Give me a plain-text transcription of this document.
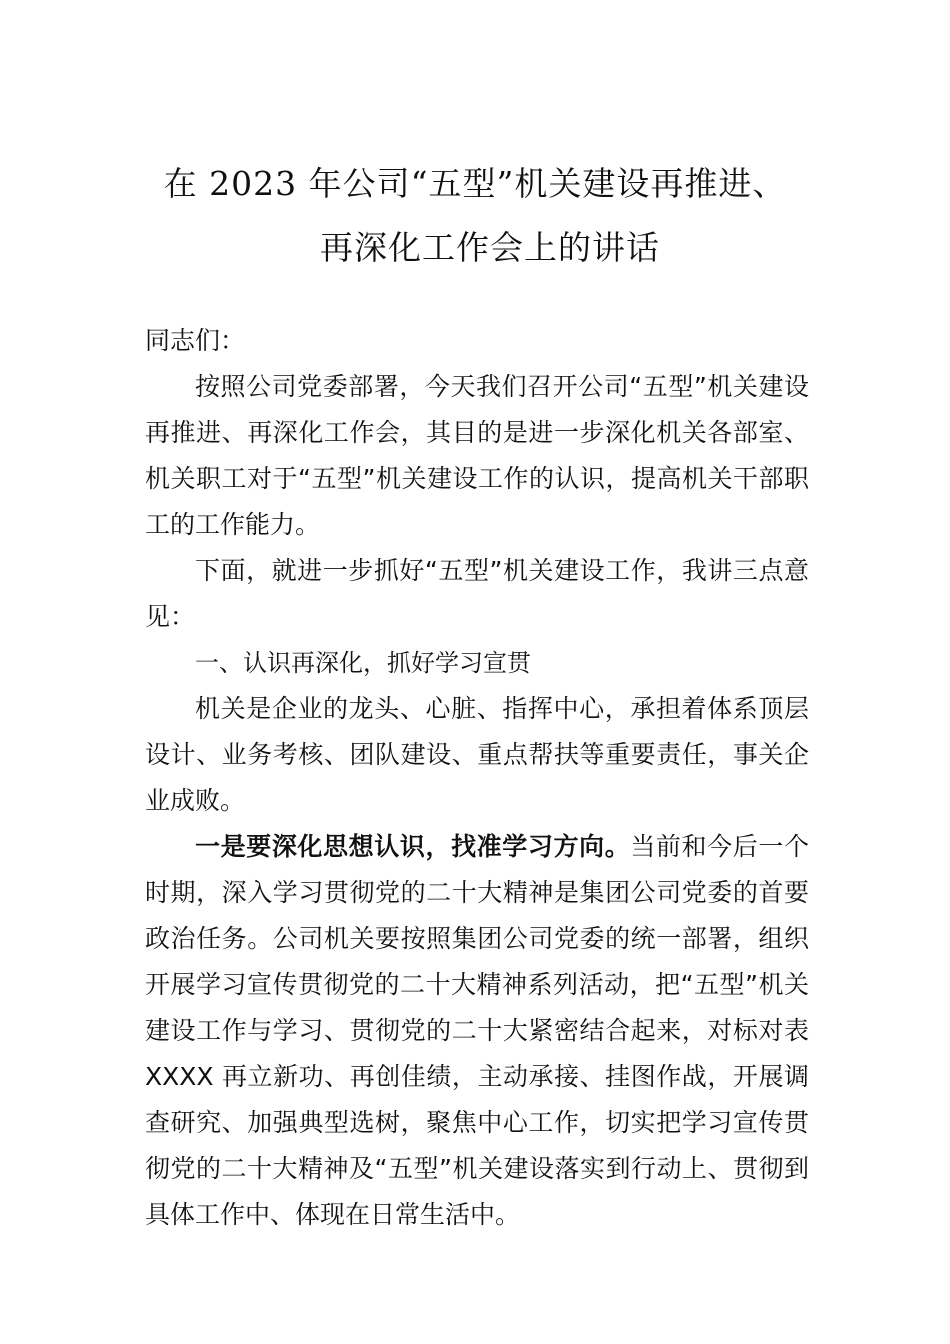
在 2023 年公司“五型”机关建设再推进、
再深化工作会上的讲话

同志们：

按照公司党委部署，今天我们召开公司“五型”机关建设再推进、再深化工作会，其目的是进一步深化机关各部室、机关职工对于“五型”机关建设工作的认识，提高机关干部职工的工作能力。

下面，就进一步抓好“五型”机关建设工作，我讲三点意见：

一、认识再深化，抓好学习宣贯

机关是企业的龙头、心脏、指挥中心，承担着体系顶层设计、业务考核、团队建设、重点帮扶等重要责任，事关企业成败。

一是要深化思想认识，找准学习方向。当前和今后一个时期，深入学习贯彻党的二十大精神是集团公司党委的首要政治任务。公司机关要按照集团公司党委的统一部署，组织开展学习宣传贯彻党的二十大精神系列活动，把“五型”机关建设工作与学习、贯彻党的二十大紧密结合起来，对标对表 XXXX 再立新功、再创佳绩，主动承接、挂图作战，开展调查研究、加强典型选树，聚焦中心工作，切实把学习宣传贯彻党的二十大精神及“五型”机关建设落实到行动上、贯彻到具体工作中、体现在日常生活中。
